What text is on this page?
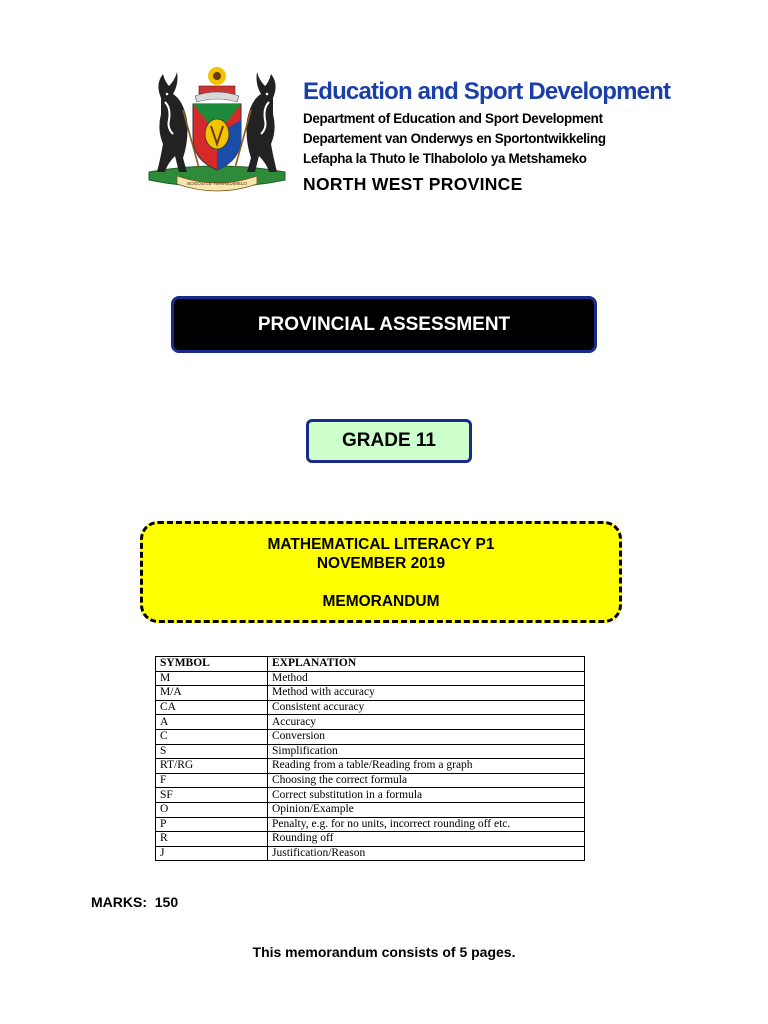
BOGOSI LE TSHIREDIMELO
Education and Sport Development
Department of Education and Sport Development
Departement van Onderwys en Sportontwikkeling
Lefapha la Thuto le Tlhabololo ya Metshameko
NORTH WEST PROVINCE
PROVINCIAL ASSESSMENT
GRADE 11
MATHEMATICAL LITERACY P1
NOVEMBER 2019
MEMORANDUM
SYMBOL	EXPLANATION
M	Method
M/A	Method with accuracy
CA	Consistent accuracy
A	Accuracy
C	Conversion
S	Simplification
RT/RG	Reading from a table/Reading from a graph
F	Choosing the correct formula
SF	Correct substitution in a formula
O	Opinion/Example
P	Penalty, e.g. for no units, incorrect rounding off etc.
R	Rounding off
J	Justification/Reason
MARKS:  150
This memorandum consists of 5 pages.
